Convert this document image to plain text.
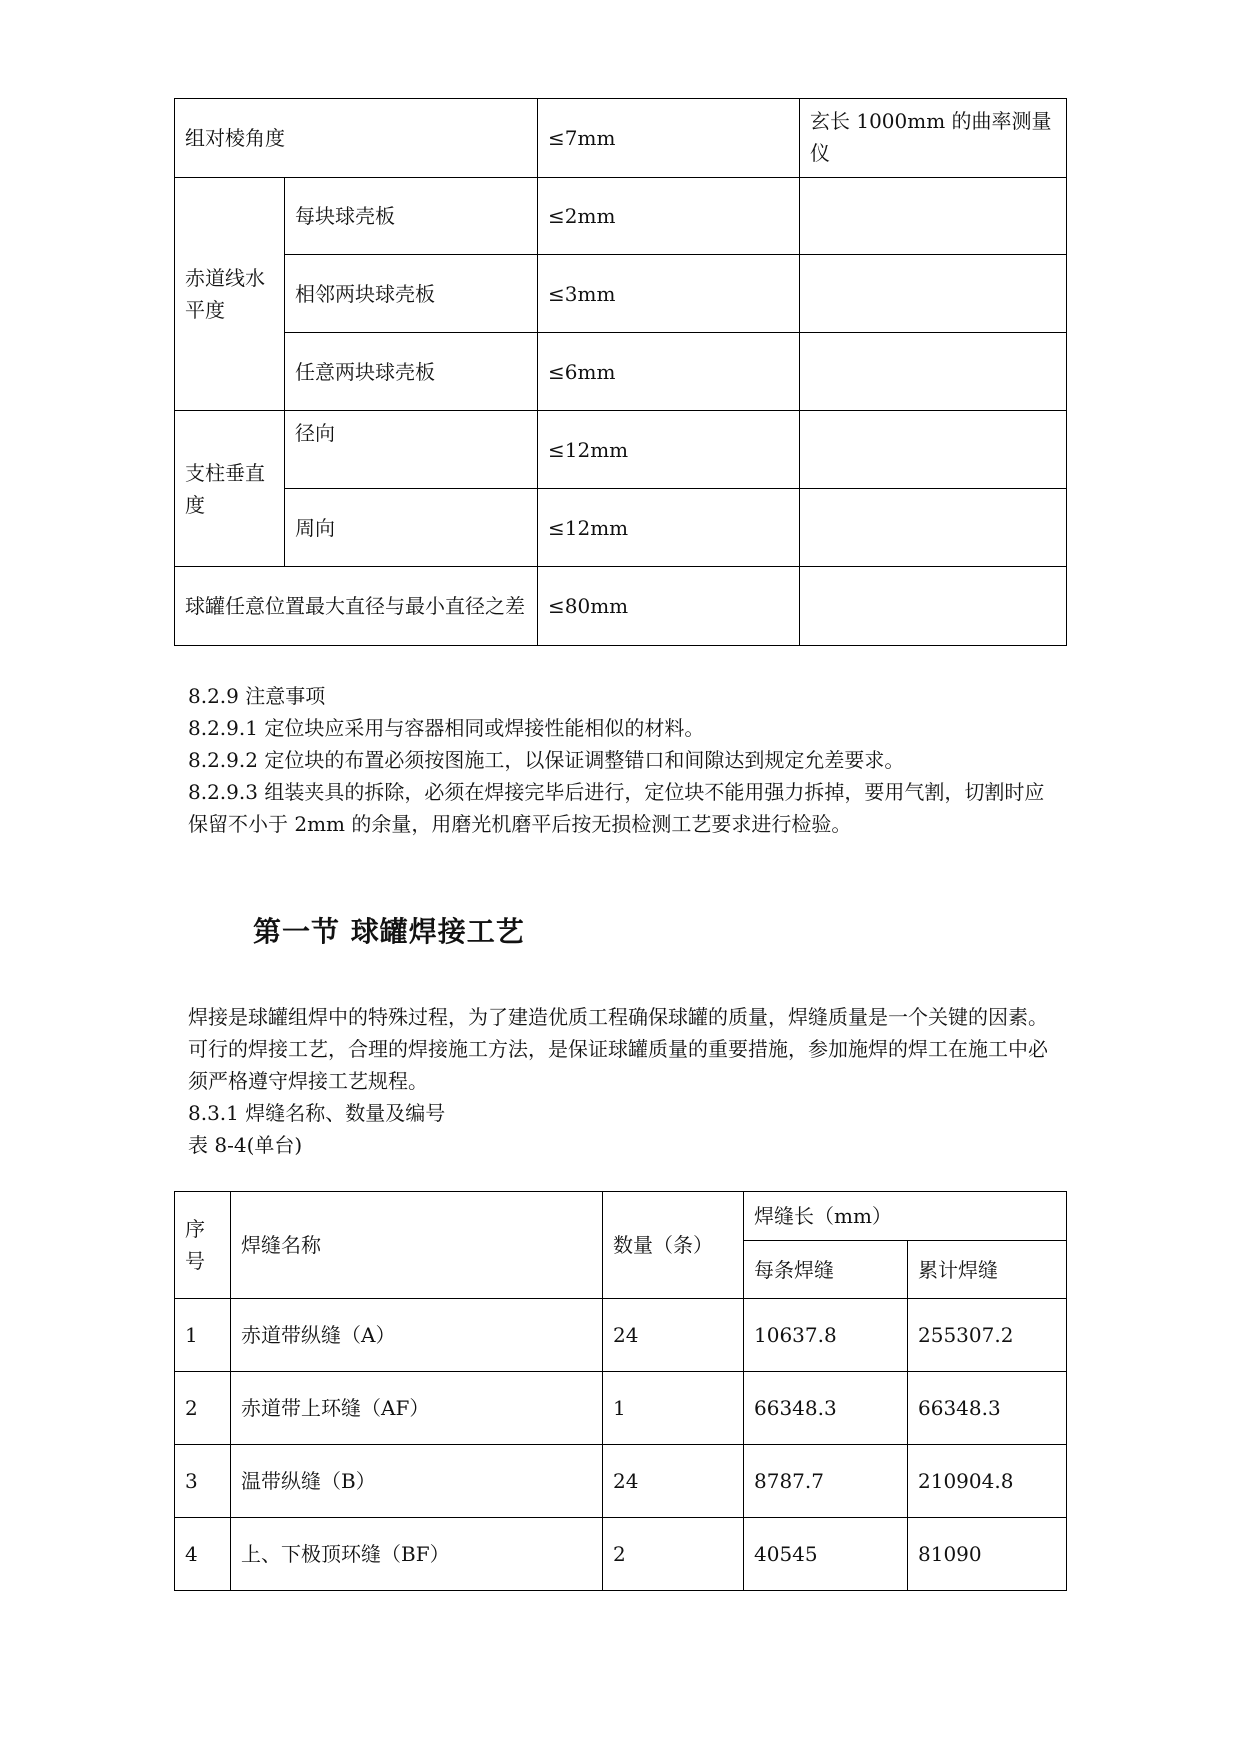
组对棱角度		≤7mm	玄长 1000mm 的曲率测量仪
赤道线水平度	每块球壳板	≤2mm	
	相邻两块球壳板	≤3mm	
	任意两块球壳板	≤6mm	
支柱垂直度	径向	≤12mm	
	周向	≤12mm	
球罐任意位置最大直径与最小直径之差		≤80mm	

8.2.9 注意事项

8.2.9.1 定位块应采用与容器相同或焊接性能相似的材料。

8.2.9.2 定位块的布置必须按图施工，以保证调整错口和间隙达到规定允差要求。

8.2.9.3 组装夹具的拆除，必须在焊接完毕后进行，定位块不能用强力拆掉，要用气割，切割时应保留不小于 2mm 的余量，用磨光机磨平后按无损检测工艺要求进行检验。

第一节 球罐焊接工艺

焊接是球罐组焊中的特殊过程，为了建造优质工程确保球罐的质量，焊缝质量是一个关键的因素。

可行的焊接工艺，合理的焊接施工方法，是保证球罐质量的重要措施，参加施焊的焊工在施工中必须严格遵守焊接工艺规程。

8.3.1 焊缝名称、数量及编号

表 8-4(单台)

序号	焊缝名称	数量（条）	焊缝长（mm）	
			每条焊缝	累计焊缝
1	赤道带纵缝（A）	24	10637.8	255307.2
2	赤道带上环缝（AF）	1	66348.3	66348.3
3	温带纵缝（B）	24	8787.7	210904.8
4	上、下极顶环缝（BF）	2	40545	81090
